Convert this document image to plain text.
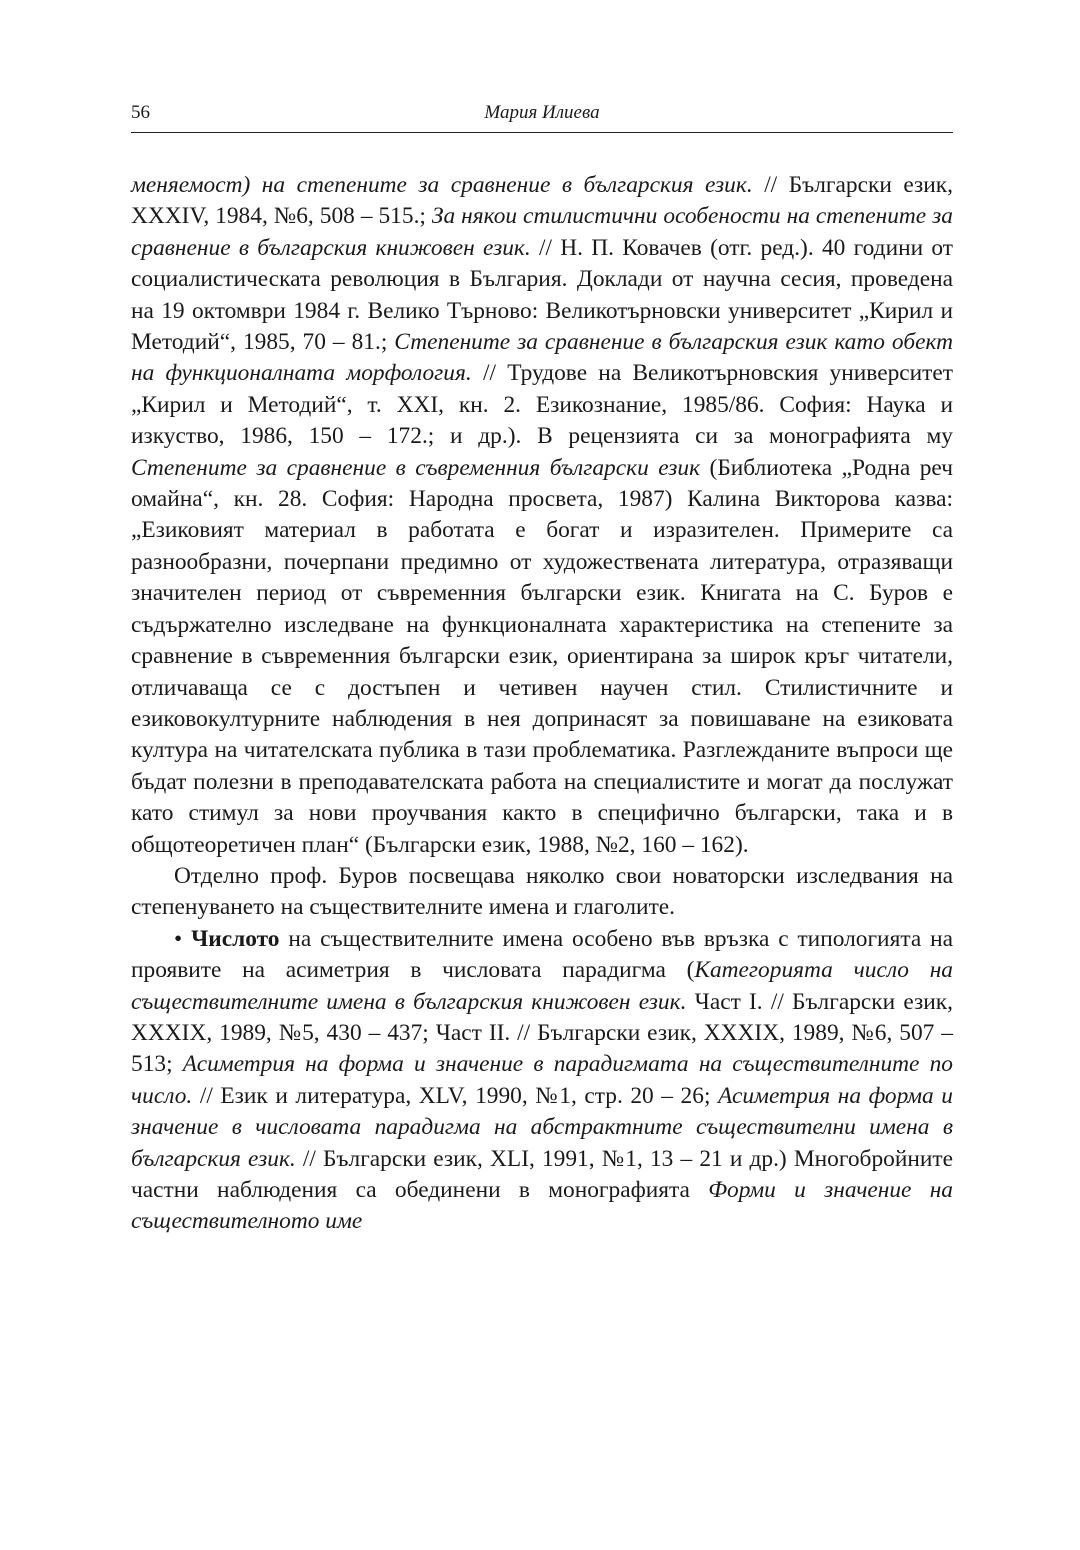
56	Мария Илиева

меняемост) на степените за сравнение в българския език. // Български език, XXXIV, 1984, №6, 508 – 515.; За някои стилистични особености на степените за сравнение в българския книжовен език. // Н. П. Ковачев (отг. ред.). 40 години от социалистическата революция в България. Доклади от научна сесия, проведена на 19 октомври 1984 г. Велико Търново: Великотърновски университет „Кирил и Методий“, 1985, 70 – 81.; Степените за сравнение в българския език като обект на функционалната морфология. // Трудове на Великотърновския университет „Кирил и Методий“, т. XXI, кн. 2. Езикознание, 1985/86. София: Наука и изкуство, 1986, 150 – 172.; и др.). В рецензията си за монографията му Степените за сравнение в съвременния български език (Библиотека „Родна реч омайна“, кн. 28. София: Народна просвета, 1987) Калина Викторова казва: „Езиковият материал в работата е богат и изразителен. Примерите са разнообразни, почерпани предимно от художествената литература, отразяващи значителен период от съвременния български език. Книгата на С. Буров е съдържателно изследване на функционалната характеристика на степените за сравнение в съвременния български език, ориентирана за широк кръг читатели, отличаваща се с достъпен и четивен научен стил. Стилистичните и езиковокултурните наблюдения в нея допринасят за повишаване на езиковата култура на читателската публика в тази проблематика. Разглежданите въпроси ще бъдат полезни в преподавателската работа на специалистите и могат да послужат като стимул за нови проучвания както в специфично български, така и в общотеоретичен план“ (Български език, 1988, №2, 160 – 162).

Отделно проф. Буров посвещава няколко свои новаторски изследвания на степенуването на съществителните имена и глаголите.

• Числото на съществителните имена особено във връзка с типологията на проявите на асиметрия в числовата парадигма (Категорията число на съществителните имена в българския книжовен език. Част I. // Български език, XXXIX, 1989, №5, 430 – 437; Част II. // Български език, XXXIX, 1989, №6, 507 – 513; Асиметрия на форма и значение в парадигмата на съществителните по число. // Език и литература, XLV, 1990, №1, стр. 20 – 26; Асиметрия на форма и значение в числовата парадигма на абстрактните съществителни имена в българския език. // Български език, XLI, 1991, №1, 13 – 21 и др.) Многобройните частни наблюдения са обединени в монографията Форми и значение на съществителното име
